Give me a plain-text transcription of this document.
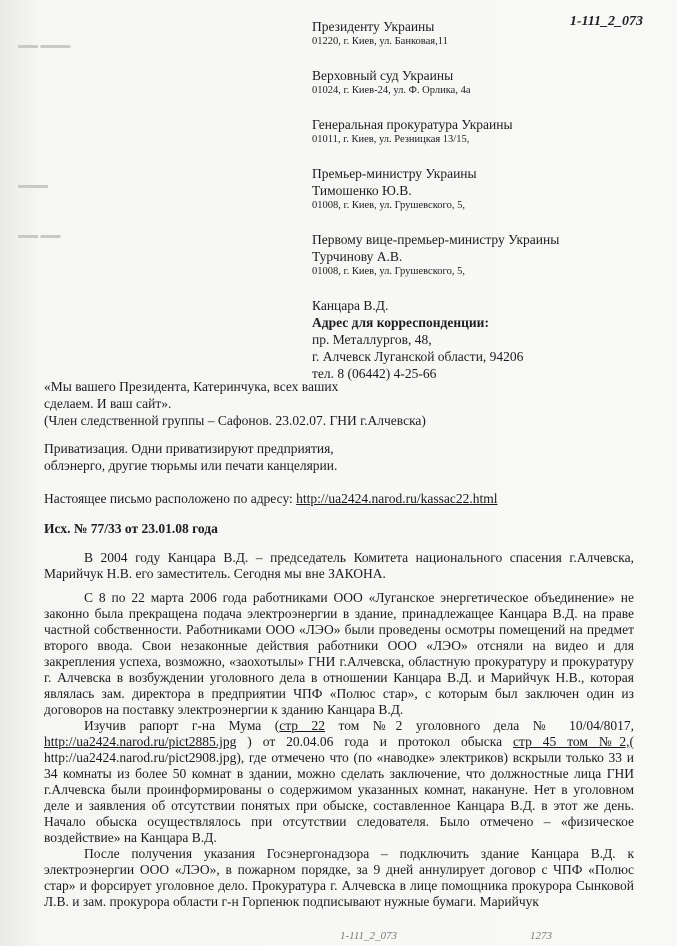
▬▬ ▬▬▬
▬▬▬
▬▬ ▬▬
1-111_2_073
Президенту Украины
01220, г. Киев, ул. Банковая,11
Верховный суд Украины
01024, г. Киев-24, ул. Ф. Орлика, 4а
Генеральная прокуратура Украины
01011, г. Киев, ул. Резницкая 13/15,
Премьер-министру Украины
Тимошенко Ю.В.
01008, г. Киев, ул. Грушевского, 5,
Первому вице-премьер-министру Украины
Турчинову А.В.
01008, г. Киев, ул. Грушевского, 5,
Канцара В.Д.
Адрес для корреспонденции:
пр. Металлургов, 48,
г. Алчевск Луганской области, 94206
тел. 8 (06442) 4-25-66

«Мы вашего Президента, Катеринчука, всех ваших

сделаем. И ваш сайт».

(Член следственной группы – Сафонов. 23.02.07. ГНИ г.Алчевска)

Приватизация. Одни приватизируют предприятия,

облэнерго, другие тюрьмы или печати канцелярии.

Настоящее письмо расположено по адресу: http://ua2424.narod.ru/kassac22.html

Исх. № 77/33 от 23.01.08 года

В 2004 году Канцара В.Д. – председатель Комитета национального спасения г.Алчевска, Марийчук Н.В. его заместитель. Сегодня мы вне ЗАКОНА.

С 8 по 22 марта 2006 года работниками ООО «Луганское энергетическое объединение» не законно была прекращена подача электроэнергии в здание, принадлежащее Канцара В.Д. на праве частной собственности. Работниками ООО «ЛЭО» были проведены осмотры помещений на предмет второго ввода. Свои незаконные действия работники ООО «ЛЭО» отсняли на видео и для закрепления успеха, возможно, «заохотылы» ГНИ г.Алчевска, областную прокуратуру и прокуратуру г. Алчевска в возбуждении уголовного дела в отношении Канцара В.Д. и Марийчук Н.В., которая являлась зам. директора в предприятии ЧПФ «Полюс стар», с которым был заключен один из договоров на поставку электроэнергии к зданию Канцара В.Д.

Изучив рапорт г-на Мума (стр 22 том №2 уголовного дела № 10/04/8017, http://ua2424.narod.ru/pict2885.jpg ) от 20.04.06 года и протокол обыска стр 45 том №2,( http://ua2424.narod.ru/pict2908.jpg), где отмечено что (по «наводке» электриков) вскрыли только 33 и 34 комнаты из более 50 комнат в здании, можно сделать заключение, что должностные лица ГНИ г.Алчевска были проинформированы о содержимом указанных комнат, накануне. Нет в уголовном деле и заявления об отсутствии понятых при обыске, составленное Канцара В.Д. в этот же день. Начало обыска осуществлялось при отсутствии следователя. Было отмечено – «физическое воздействие» на Канцара В.Д.

После получения указания Госэнергонадзора – подключить здание Канцара В.Д. к электроэнергии ООО «ЛЭО», в пожарном порядке, за 9 дней аннулирует договор с ЧПФ «Полюс стар» и форсирует уголовное дело. Прокуратура г. Алчевска в лице помощника прокурора Сынковой Л.В. и зам. прокурора области г-н Горпенюк подписывают нужные бумаги. Марийчук

1-111_2_073	1273
